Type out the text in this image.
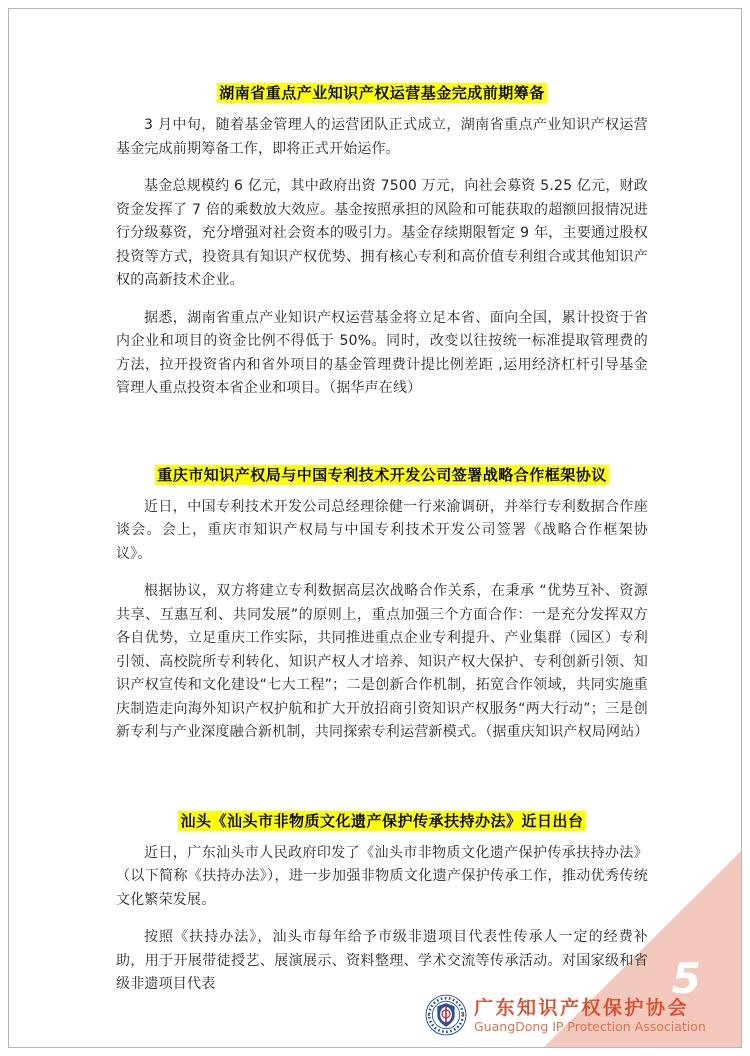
湖南省重点产业知识产权运营基金完成前期筹备

3 月中旬，随着基金管理人的运营团队正式成立，湖南省重点产业知识产权运营基金完成前期筹备工作，即将正式开始运作。

基金总规模约 6 亿元，其中政府出资 7500 万元，向社会募资 5.25 亿元，财政资金发挥了 7 倍的乘数放大效应。基金按照承担的风险和可能获取的超额回报情况进行分级募资，充分增强对社会资本的吸引力。基金存续期限暂定 9 年，主要通过股权投资等方式，投资具有知识产权优势、拥有核心专利和高价值专利组合或其他知识产权的高新技术企业。

据悉，湖南省重点产业知识产权运营基金将立足本省、面向全国，累计投资于省内企业和项目的资金比例不得低于 50%。同时，改变以往按统一标准提取管理费的方法，拉开投资省内和省外项目的基金管理费计提比例差距 ,运用经济杠杆引导基金管理人重点投资本省企业和项目。（据华声在线）

重庆市知识产权局与中国专利技术开发公司签署战略合作框架协议

近日，中国专利技术开发公司总经理徐健一行来渝调研，并举行专利数据合作座谈会。会上，重庆市知识产权局与中国专利技术开发公司签署《战略合作框架协议》。

根据协议，双方将建立专利数据高层次战略合作关系，在秉承 “优势互补、资源共享、互惠互利、共同发展”的原则上，重点加强三个方面合作：一是充分发挥双方各自优势，立足重庆工作实际，共同推进重点企业专利提升、产业集群（园区）专利引领、高校院所专利转化、知识产权人才培养、知识产权大保护、专利创新引领、知识产权宣传和文化建设“七大工程”；二是创新合作机制，拓宽合作领域，共同实施重庆制造走向海外知识产权护航和扩大开放招商引资知识产权服务“两大行动”；三是创新专利与产业深度融合新机制，共同探索专利运营新模式。（据重庆知识产权局网站）

汕头《汕头市非物质文化遗产保护传承扶持办法》近日出台

近日，广东汕头市人民政府印发了《汕头市非物质文化遗产保护传承扶持办法》（以下简称《扶持办法》），进一步加强非物质文化遗产保护传承工作，推动优秀传统文化繁荣发展。

按照《扶持办法》，汕头市每年给予市级非遗项目代表性传承人一定的经费补助，用于开展带徒授艺、展演展示、资料整理、学术交流等传承活动。对国家级和省级非遗项目代表

广东知识产权保护协会
GuangDong IP Protection Association
5
